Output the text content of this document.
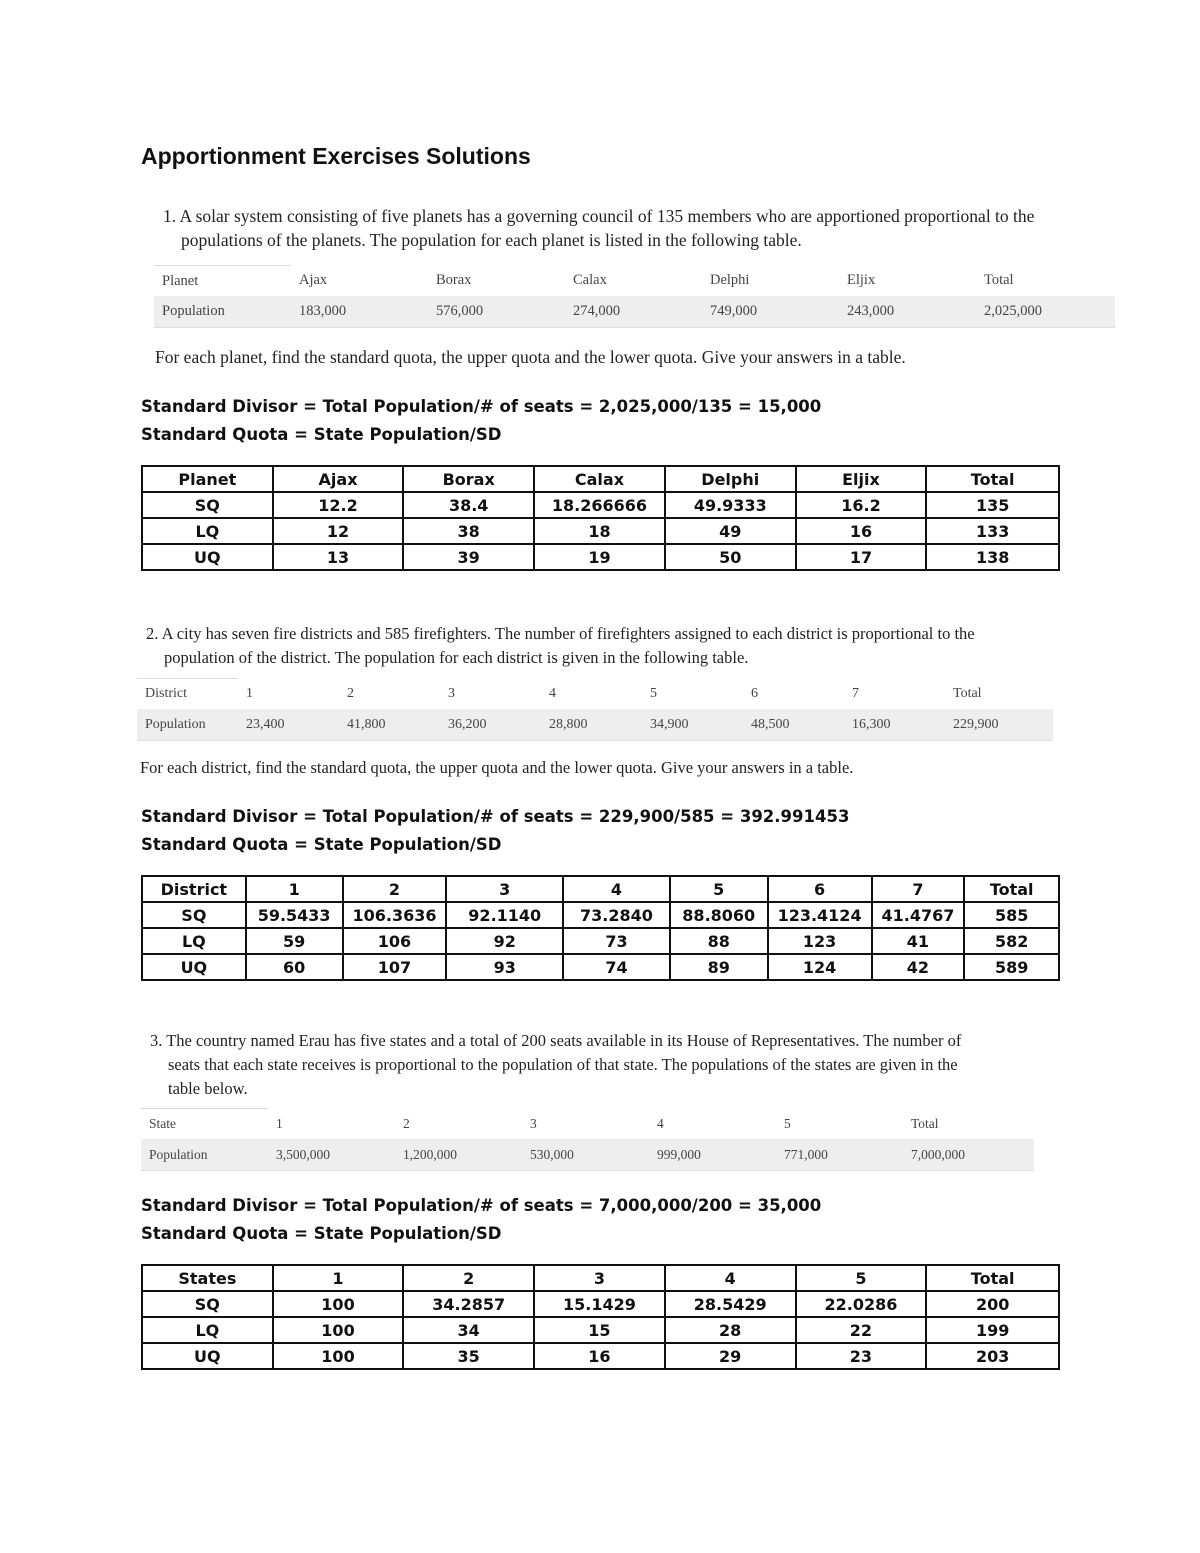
Apportionment Exercises Solutions
1. A solar system consisting of five planets has a governing council of 135 members who are apportioned proportional to the
populations of the planets. The population for each planet is listed in the following table.
Planet	Ajax	Borax	Calax	Delphi	Eljix	Total
Population	183,000	576,000	274,000	749,000	243,000	2,025,000
For each planet, find the standard quota, the upper quota and the lower quota. Give your answers in a table.
Standard Divisor = Total Population/# of seats = 2,025,000/135 = 15,000
Standard Quota = State Population/SD
Planet	Ajax	Borax	Calax	Delphi	Eljix	Total
SQ	12.2	38.4	18.266666	49.9333	16.2	135
LQ	12	38	18	49	16	133
UQ	13	39	19	50	17	138
2. A city has seven fire districts and 585 firefighters. The number of firefighters assigned to each district is proportional to the
population of the district. The population for each district is given in the following table.
District	1	2	3	4	5	6	7	Total
Population	23,400	41,800	36,200	28,800	34,900	48,500	16,300	229,900
For each district, find the standard quota, the upper quota and the lower quota. Give your answers in a table.
Standard Divisor = Total Population/# of seats = 229,900/585 = 392.991453
Standard Quota = State Population/SD
District	1	2	3	4	5	6	7	Total
SQ	59.5433	106.3636	92.1140	73.2840	88.8060	123.4124	41.4767	585
LQ	59	106	92	73	88	123	41	582
UQ	60	107	93	74	89	124	42	589
3. The country named Erau has five states and a total of 200 seats available in its House of Representatives. The number of
seats that each state receives is proportional to the population of that state. The populations of the states are given in the
table below.
State	1	2	3	4	5	Total
Population	3,500,000	1,200,000	530,000	999,000	771,000	7,000,000
Standard Divisor = Total Population/# of seats = 7,000,000/200 = 35,000
Standard Quota = State Population/SD
States	1	2	3	4	5	Total
SQ	100	34.2857	15.1429	28.5429	22.0286	200
LQ	100	34	15	28	22	199
UQ	100	35	16	29	23	203
